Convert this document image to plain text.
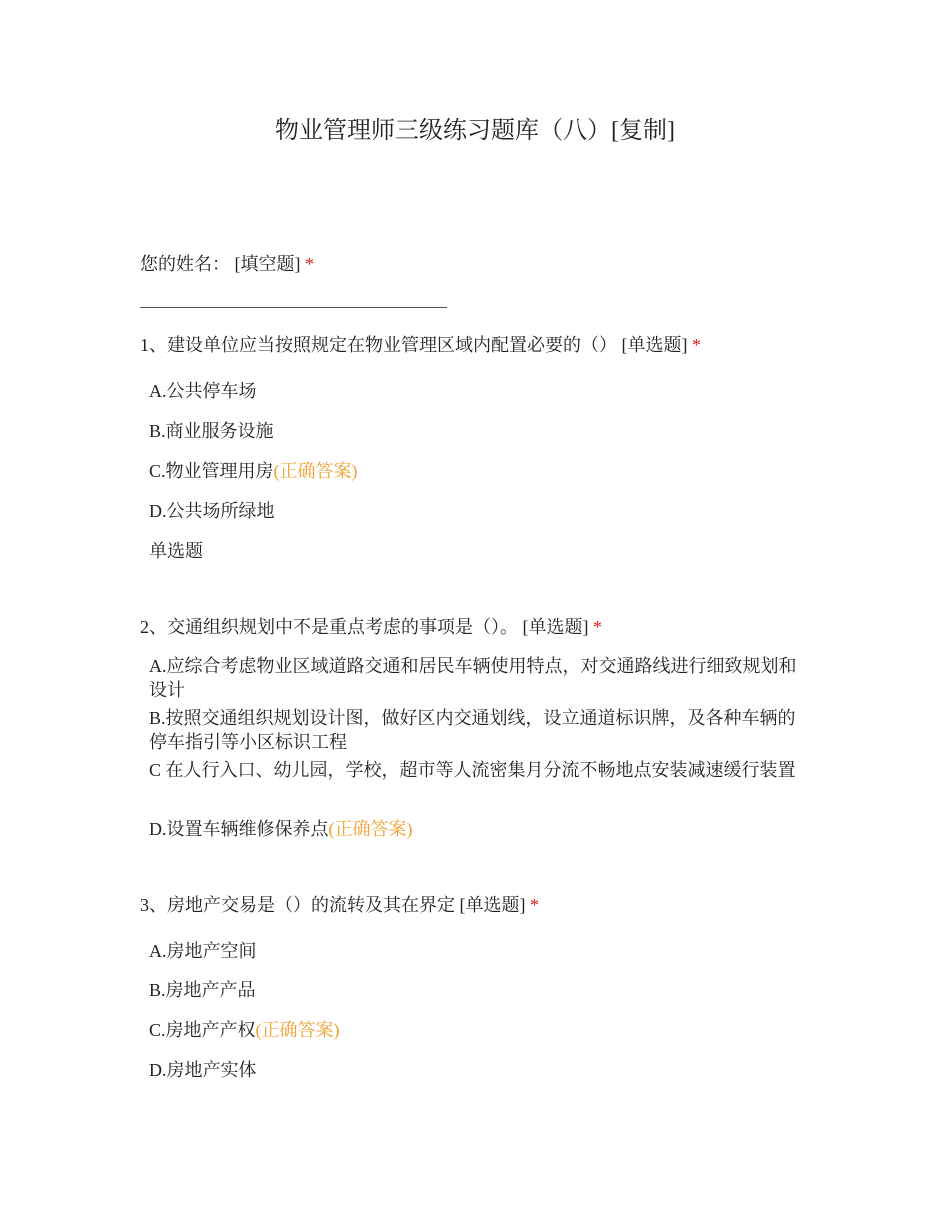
物业管理师三级练习题库（八）[复制]
您的姓名： [填空题] *
1、建设单位应当按照规定在物业管理区域内配置必要的（） [单选题] *
A.公共停车场
B.商业服务设施
C.物业管理用房(正确答案)
D.公共场所绿地
单选题
2、交通组织规划中不是重点考虑的事项是（）。 [单选题] *
A.应综合考虑物业区域道路交通和居民车辆使用特点，对交通路线进行细致规划和设计
B.按照交通组织规划设计图，做好区内交通划线，设立通道标识牌，及各种车辆的停车指引等小区标识工程
C 在人行入口、幼儿园，学校，超市等人流密集月分流不畅地点安装减速缓行装置
D.设置车辆维修保养点(正确答案)
3、房地产交易是（）的流转及其在界定 [单选题] *
A.房地产空间
B.房地产产品
C.房地产产权(正确答案)
D.房地产实体
